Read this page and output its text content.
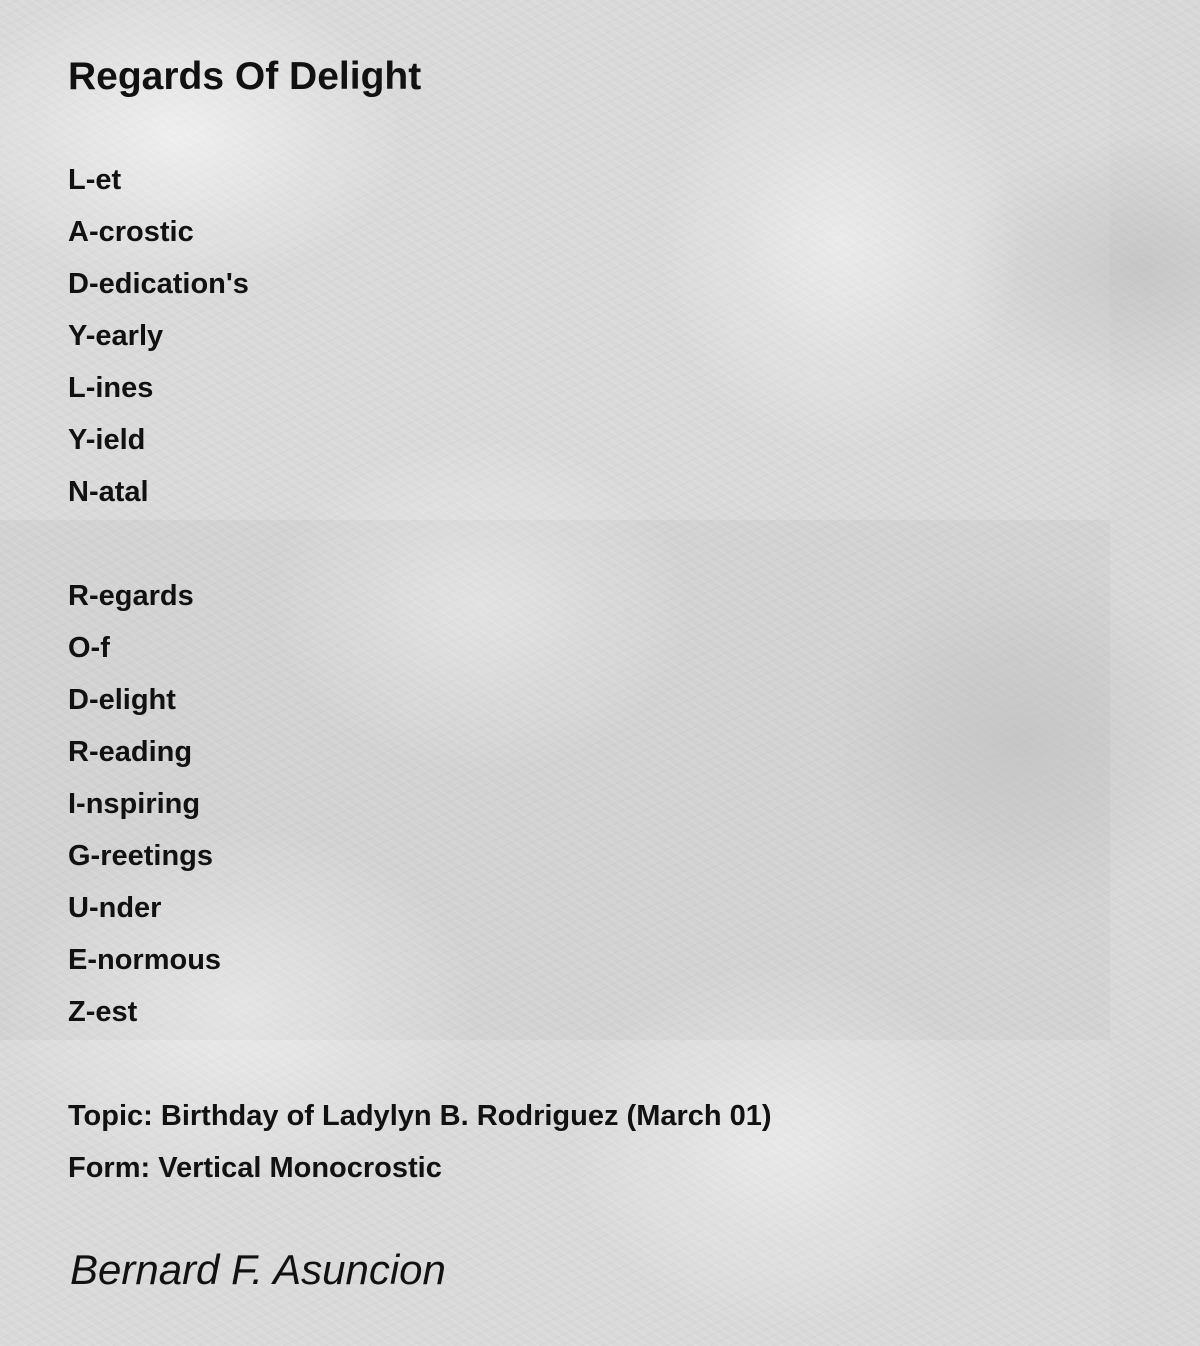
Regards Of Delight
L-et
A-crostic
D-edication's
Y-early
L-ines
Y-ield
N-atal
R-egards
O-f
D-elight
R-eading
I-nspiring
G-reetings
U-nder
E-normous
Z-est
Topic: Birthday of Ladylyn B. Rodriguez (March 01)
Form: Vertical Monocrostic
Bernard F. Asuncion
